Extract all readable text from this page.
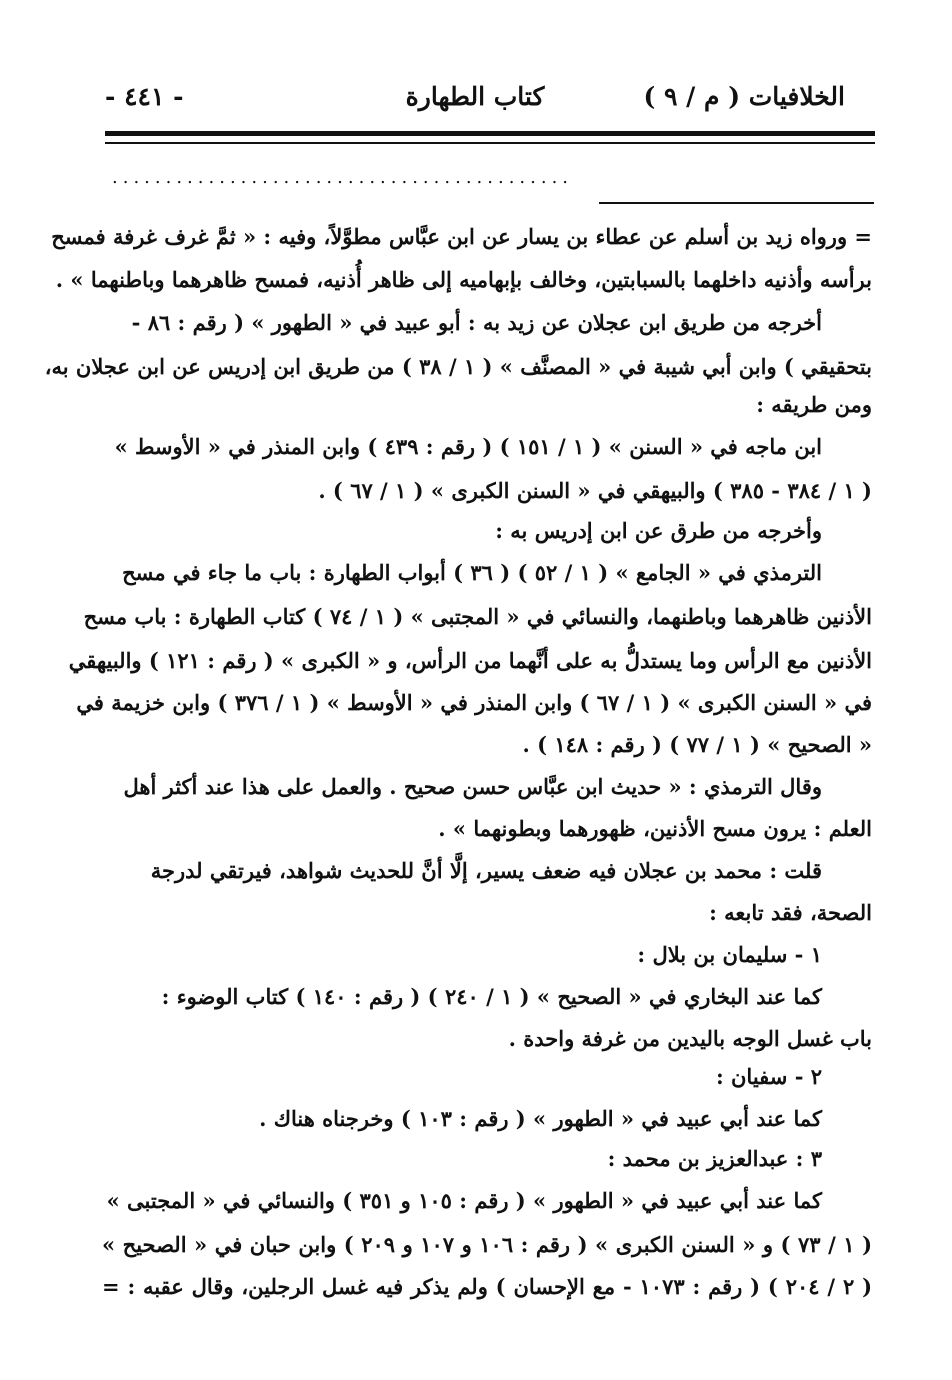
الخلافيات ( م / ٩ )
كتاب الطهارة
- ٤٤١ -
...........................................
= ورواه زيد بن أسلم عن عطاء بن يسار عن ابن عبَّاس مطوَّلاً، وفيه : « ثمَّ غرف غرفة فمسح
برأسه وأذنيه داخلهما بالسبابتين، وخالف بإبهاميه إلى ظاهر أُذنيه، فمسح ظاهرهما وباطنهما » .
أخرجه من طريق ابن عجلان عن زيد به : أبو عبيد في « الطهور » ( رقم : ٨٦ -
بتحقيقي ) وابن أبي شيبة في « المصنَّف » ( ١ / ٣٨ ) من طريق ابن إدريس عن ابن عجلان به،
ومن طريقه :
ابن ماجه في « السنن » ( ١ / ١٥١ ) ( رقم : ٤٣٩ ) وابن المنذر في « الأوسط »
( ١ / ٣٨٤ - ٣٨٥ ) والبيهقي في « السنن الكبرى » ( ١ / ٦٧ ) .
وأخرجه من طرق عن ابن إدريس به :
الترمذي في « الجامع » ( ١ / ٥٢ ) ( ٣٦ ) أبواب الطهارة : باب ما جاء في مسح
الأذنين ظاهرهما وباطنهما، والنسائي في « المجتبى » ( ١ / ٧٤ ) كتاب الطهارة : باب مسح
الأذنين مع الرأس وما يستدلُّ به على أنَّهما من الرأس، و « الكبرى » ( رقم : ١٢١ ) والبيهقي
في « السنن الكبرى » ( ١ / ٦٧ ) وابن المنذر في « الأوسط » ( ١ / ٣٧٦ ) وابن خزيمة في
« الصحيح » ( ١ / ٧٧ ) ( رقم : ١٤٨ ) .
وقال الترمذي : « حديث ابن عبَّاس حسن صحيح . والعمل على هذا عند أكثر أهل
العلم : يرون مسح الأذنين، ظهورهما وبطونهما » .
قلت : محمد بن عجلان فيه ضعف يسير، إلَّا أنَّ للحديث شواهد، فيرتقي لدرجة
الصحة، فقد تابعه :
١ - سليمان بن بلال :
كما عند البخاري في « الصحيح » ( ١ / ٢٤٠ ) ( رقم : ١٤٠ ) كتاب الوضوء :
باب غسل الوجه باليدين من غرفة واحدة .
٢ - سفيان :
كما عند أبي عبيد في « الطهور » ( رقم : ١٠٣ ) وخرجناه هناك .
٣ : عبدالعزيز بن محمد :
كما عند أبي عبيد في « الطهور » ( رقم : ١٠٥ و ٣٥١ ) والنسائي في « المجتبى »
( ١ / ٧٣ ) و « السنن الكبرى » ( رقم : ١٠٦ و ١٠٧ و ٢٠٩ ) وابن حبان في « الصحيح »
( ٢ / ٢٠٤ ) ( رقم : ١٠٧٣ - مع الإحسان ) ولم يذكر فيه غسل الرجلين، وقال عقبه : =
